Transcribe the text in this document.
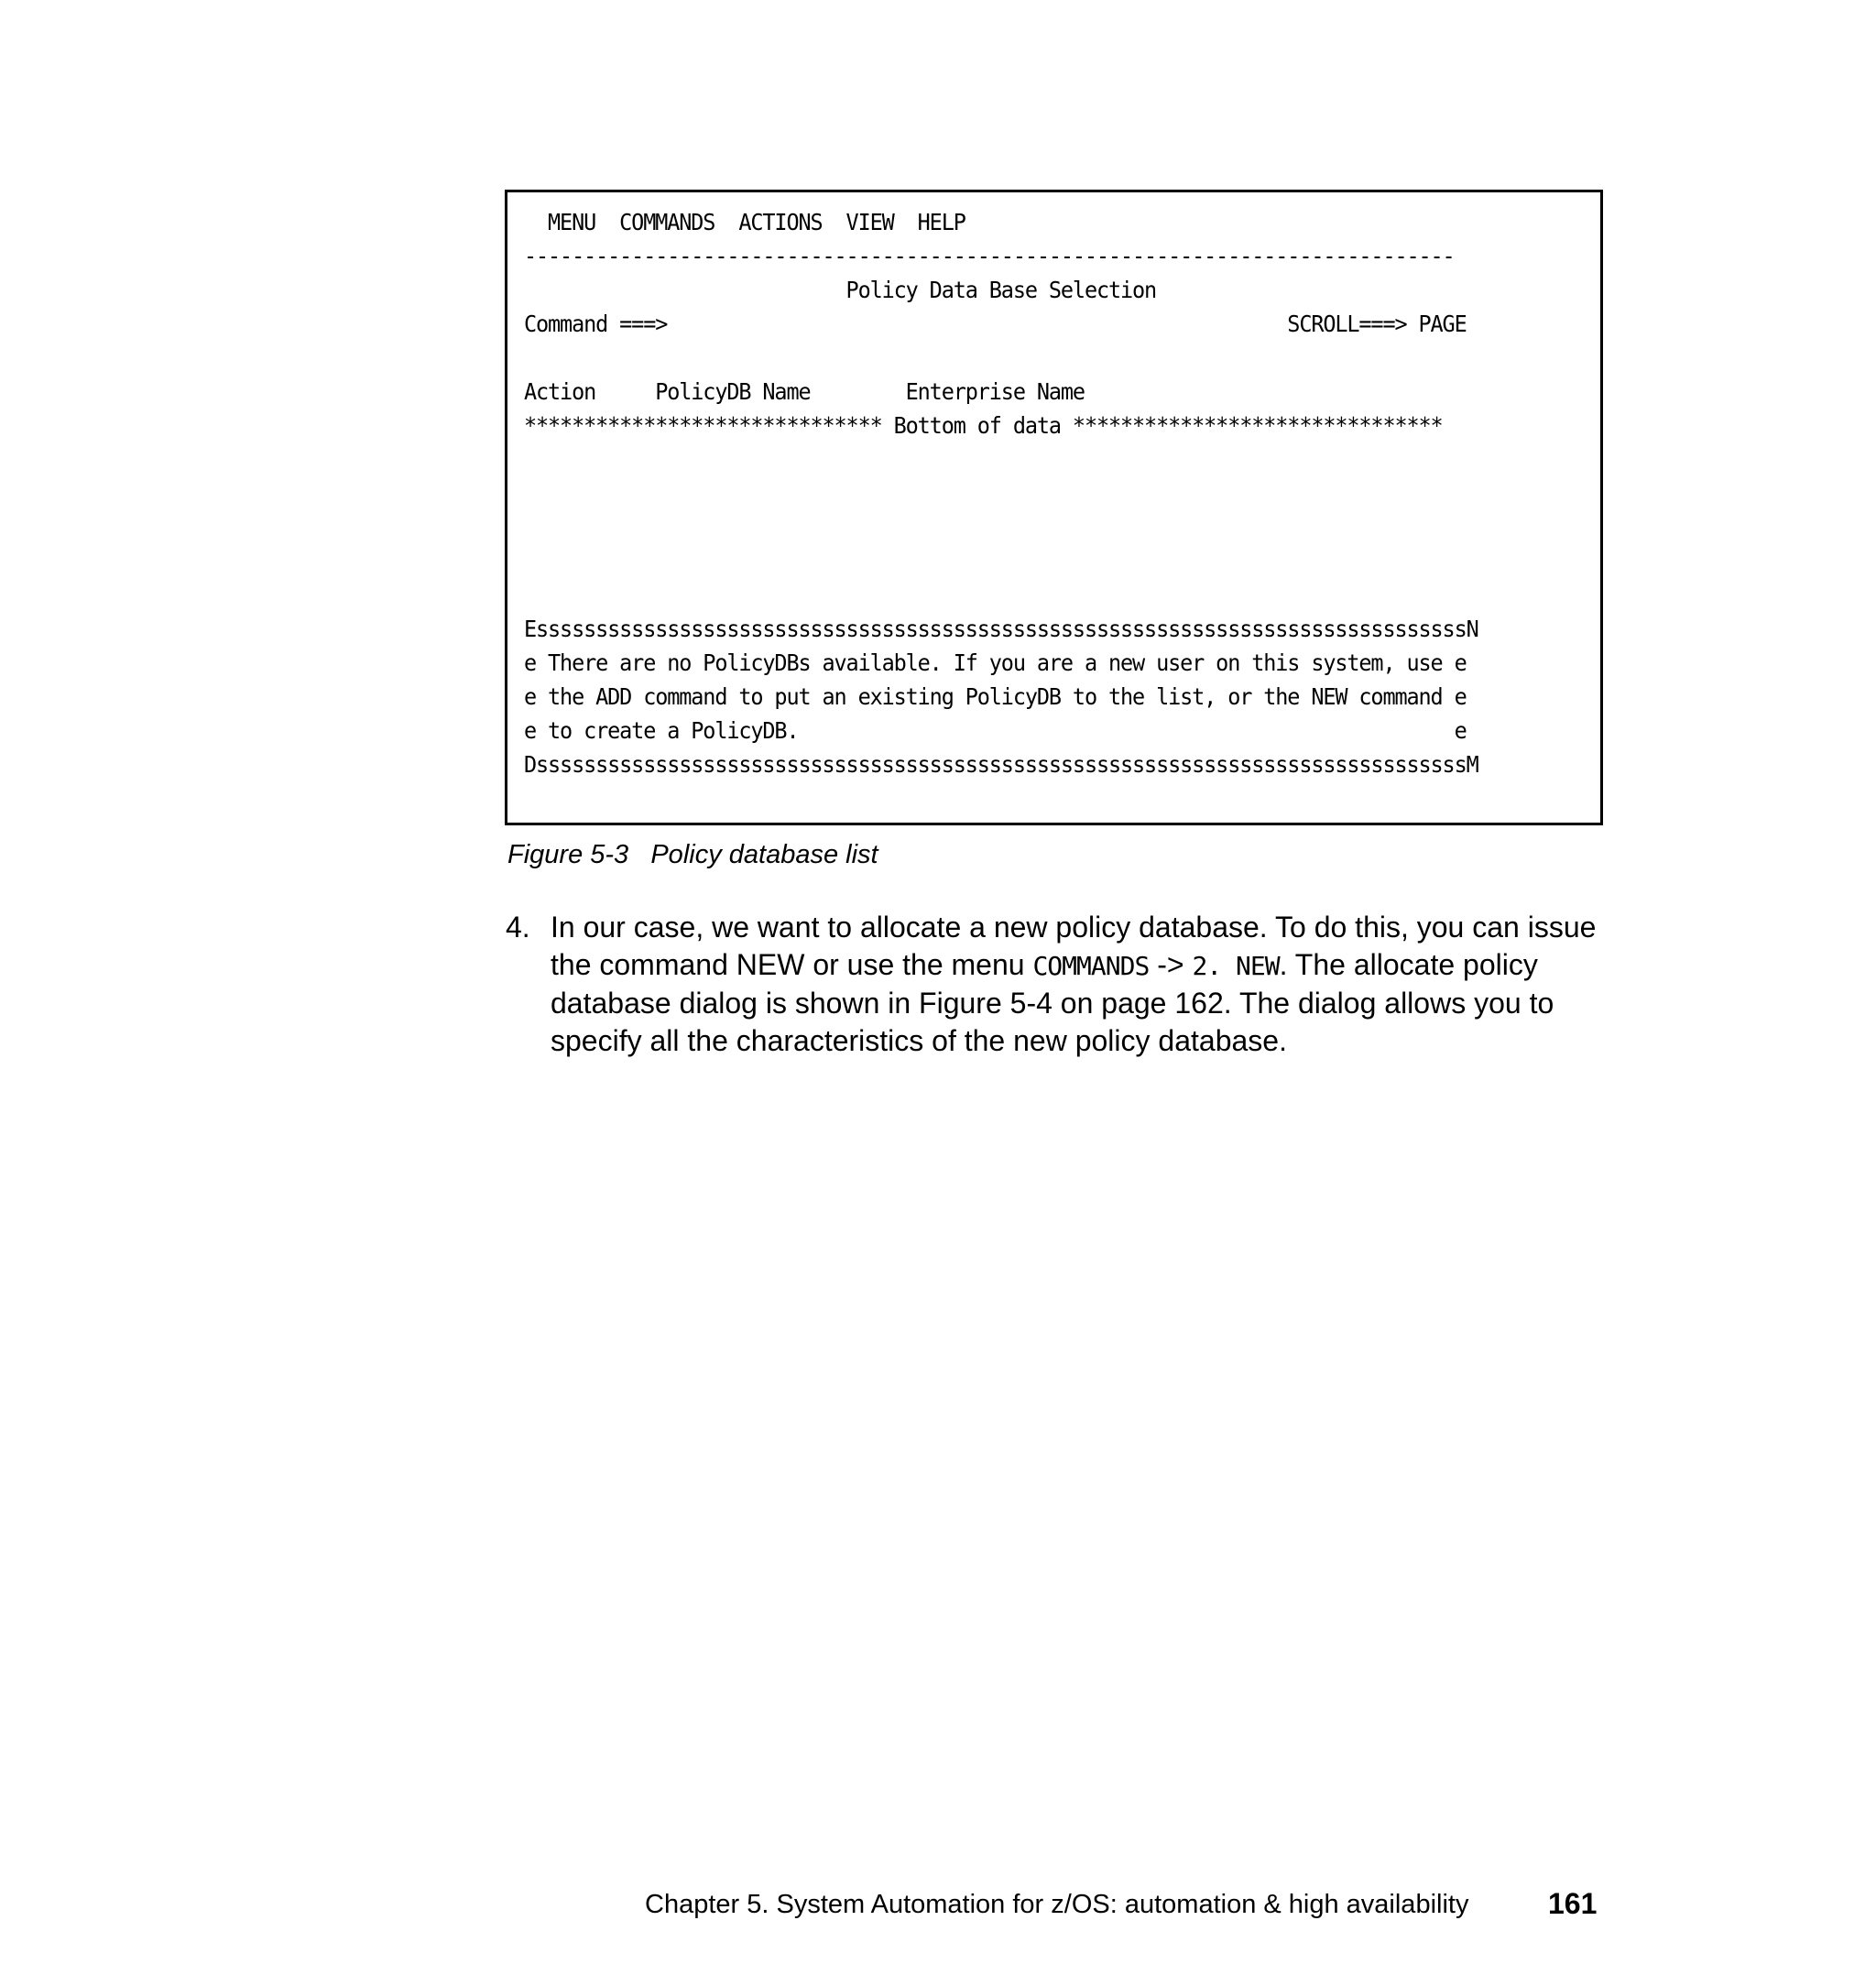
MENU  COMMANDS  ACTIONS  VIEW  HELP
------------------------------------------------------------------------------
Policy Data Base Selection
Command ===>                                                    SCROLL===> PAGE
Action     PolicyDB Name        Enterprise Name
****************************** Bottom of data *******************************
EssssssssssssssssssssssssssssssssssssssssssssssssssssssssssssssssssssssssssssssN
e There are no PolicyDBs available. If you are a new user on this system, use e
e the ADD command to put an existing PolicyDB to the list, or the NEW command e
e to create a PolicyDB.                                                       e
DssssssssssssssssssssssssssssssssssssssssssssssssssssssssssssssssssssssssssssssM
Figure 5-3   Policy database list
4. In our case, we want to allocate a new policy database. To do this, you can issue the command NEW or use the menu COMMANDS -> 2. NEW. The allocate policy database dialog is shown in Figure 5-4 on page 162. The dialog allows you to specify all the characteristics of the new policy database.
Chapter 5. System Automation for z/OS: automation & high availability	161
